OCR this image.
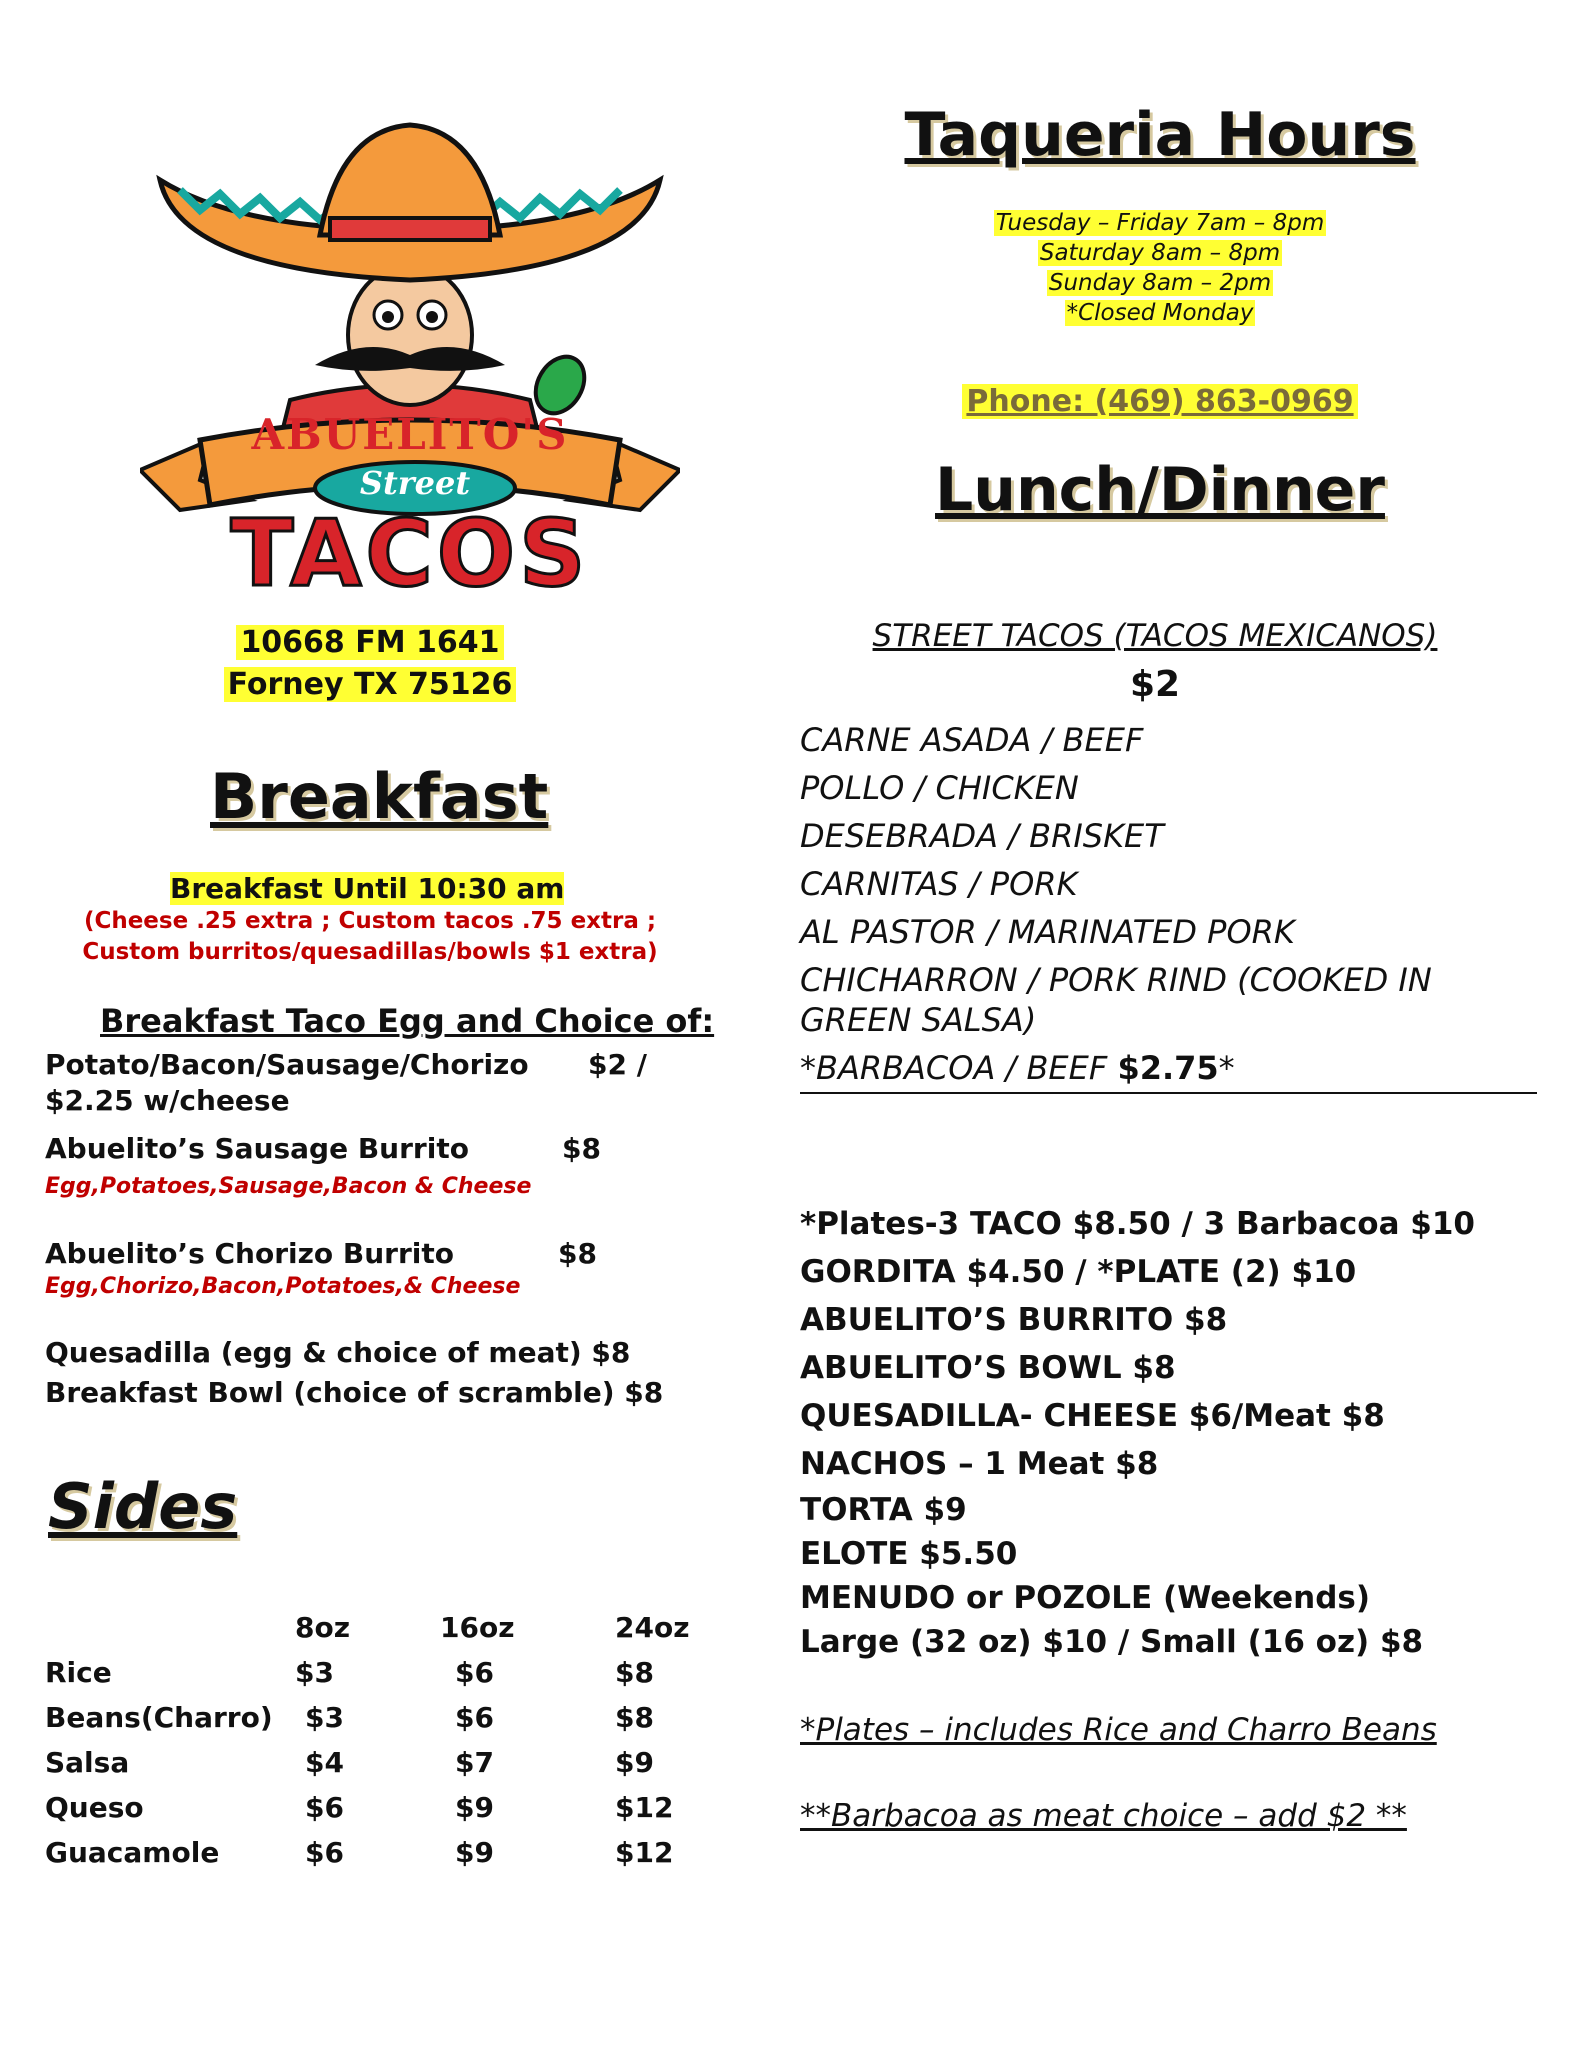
ABUELITO'S
Street
TACOS
10668 FM 1641
Forney TX 75126
Breakfast
Breakfast Until 10:30 am
(Cheese .25 extra ; Custom tacos .75 extra ;
Custom burritos/quesadillas/bowls $1 extra)
Breakfast Taco Egg and Choice of:
Potato/Bacon/Sausage/Chorizo $2 /
$2.25 w/cheese
Abuelito’s Sausage Burrito	$8
Egg,Potatoes,Sausage,Bacon & Cheese
Abuelito’s Chorizo Burrito	$8
Egg,Chorizo,Bacon,Potatoes,& Cheese
Quesadilla (egg & choice of meat) $8
Breakfast Bowl (choice of scramble) $8
Sides
	8oz	16oz	24oz
Rice	$3	$6	$8
Beans(Charro)	$3	$6	$8
Salsa	$4	$7	$9
Queso	$6	$9	$12
Guacamole	$6	$9	$12
Taqueria Hours
Tuesday – Friday 7am – 8pm
Saturday 8am – 8pm
Sunday 8am – 2pm
*Closed Monday
Phone: (469) 863-0969
Lunch/Dinner
STREET TACOS (TACOS MEXICANOS)
$2
CARNE ASADA / BEEF
POLLO / CHICKEN
DESEBRADA / BRISKET
CARNITAS / PORK
AL PASTOR / MARINATED PORK
CHICHARRON / PORK RIND (COOKED IN GREEN SALSA)
*BARBACOA / BEEF $2.75*
*Plates-3 TACO $8.50 / 3 Barbacoa $10
GORDITA $4.50 / *PLATE (2) $10
ABUELITO’S BURRITO $8
ABUELITO’S BOWL $8
QUESADILLA- CHEESE $6/Meat $8
NACHOS – 1 Meat $8
TORTA $9
ELOTE $5.50
MENUDO or POZOLE (Weekends)
Large (32 oz) $10 / Small (16 oz) $8
*Plates – includes Rice and Charro Beans
**Barbacoa as meat choice – add $2 **
